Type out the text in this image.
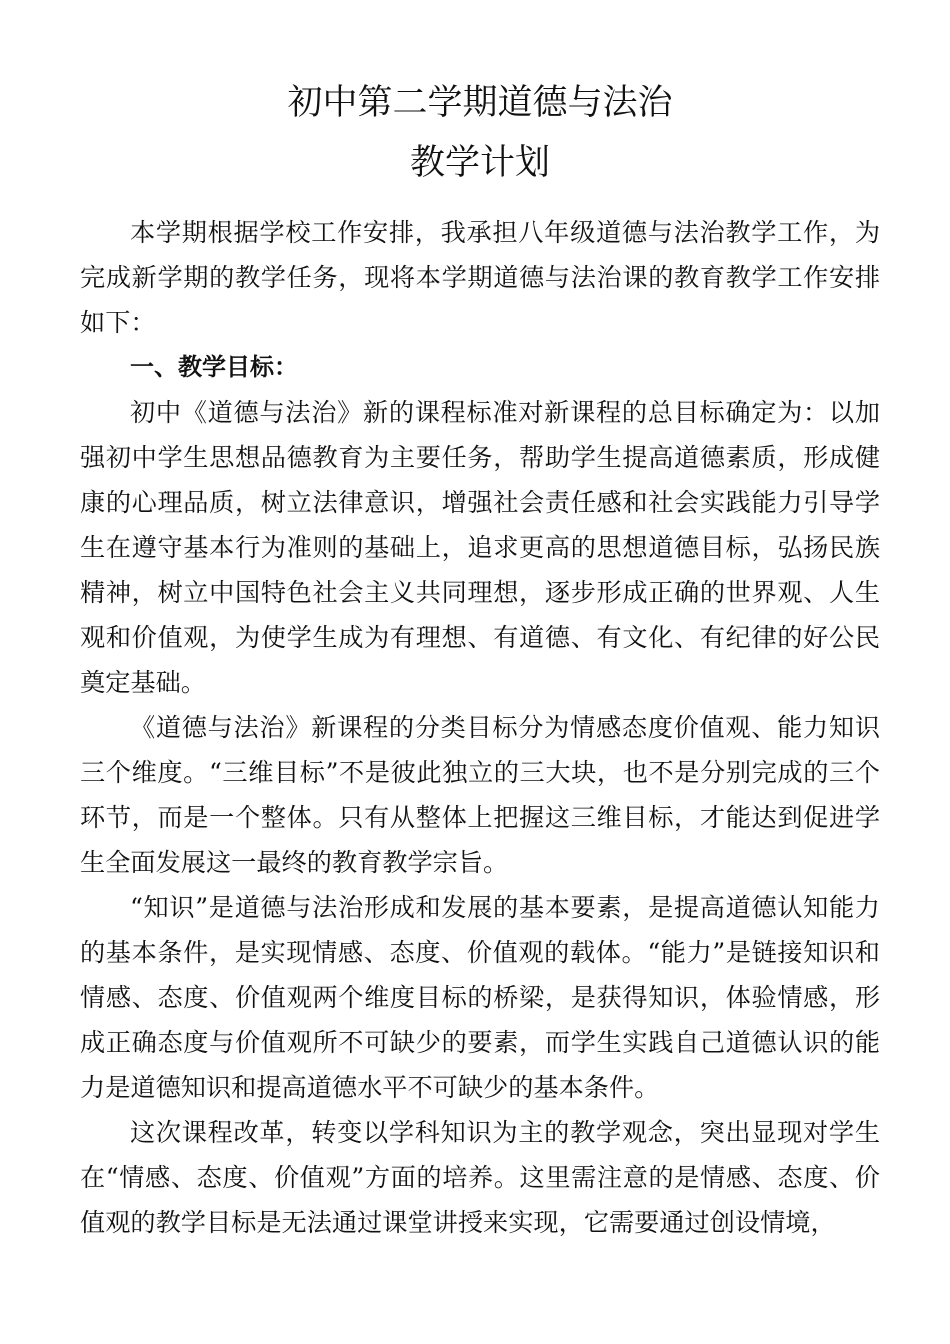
初中第二学期道德与法治
教学计划

本学期根据学校工作安排，我承担八年级道德与法治教学工作，为完成新学期的教学任务，现将本学期道德与法治课的教育教学工作安排如下：

一、教学目标：

初中《道德与法治》新的课程标准对新课程的总目标确定为：以加强初中学生思想品德教育为主要任务，帮助学生提高道德素质，形成健康的心理品质，树立法律意识，增强社会责任感和社会实践能力引导学生在遵守基本行为准则的基础上，追求更高的思想道德目标，弘扬民族精神，树立中国特色社会主义共同理想，逐步形成正确的世界观、人生观和价值观，为使学生成为有理想、有道德、有文化、有纪律的好公民奠定基础。

《道德与法治》新课程的分类目标分为情感态度价值观、能力知识三个维度。“三维目标”不是彼此独立的三大块，也不是分别完成的三个环节，而是一个整体。只有从整体上把握这三维目标，才能达到促进学生全面发展这一最终的教育教学宗旨。

“知识”是道德与法治形成和发展的基本要素，是提高道德认知能力的基本条件，是实现情感、态度、价值观的载体。“能力”是链接知识和情感、态度、价值观两个维度目标的桥梁，是获得知识，体验情感，形成正确态度与价值观所不可缺少的要素，而学生实践自己道德认识的能力是道德知识和提高道德水平不可缺少的基本条件。

这次课程改革，转变以学科知识为主的教学观念，突出显现对学生在“情感、态度、价值观”方面的培养。这里需注意的是情感、态度、价值观的教学目标是无法通过课堂讲授来实现，它需要通过创设情境，
